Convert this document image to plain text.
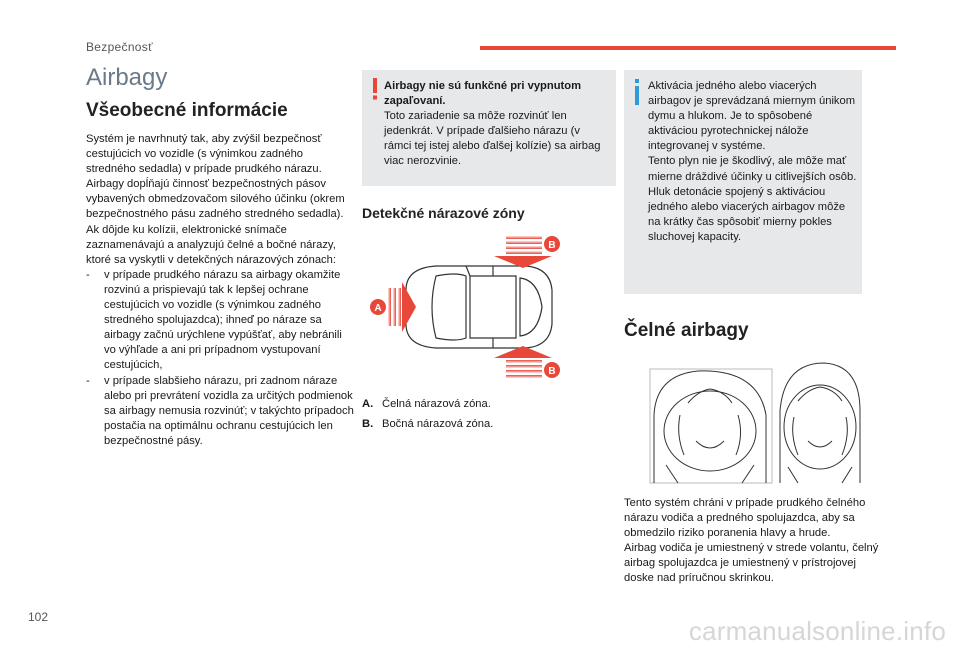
Bezpečnosť
Airbagy
Všeobecné informácie
Systém je navrhnutý tak, aby zvýšil bezpečnosť cestujúcich vo vozidle (s výnimkou zadného stredného sedadla) v prípade prudkého nárazu. Airbagy dopĺňajú činnosť bezpečnostných pásov vybavených obmedzovačom silového účinku (okrem bezpečnostného pásu zadného stredného sedadla).
Ak dôjde ku kolízii, elektronické snímače zaznamenávajú a analyzujú čelné a bočné nárazy, ktoré sa vyskytli v detekčných nárazových zónach:
- v prípade prudkého nárazu sa airbagy okamžite rozvinú a prispievajú tak k lepšej ochrane cestujúcich vo vozidle (s výnimkou zadného stredného spolujazdca); ihneď po náraze sa airbagy začnú urýchlene vypúšťať, aby nebránili vo výhľade a ani pri prípadnom vystupovaní cestujúcich,
- v prípade slabšieho nárazu, pri zadnom náraze alebo pri prevrátení vozidla za určitých podmienok sa airbagy nemusia rozvinúť; v takýchto prípadoch postačia na optimálnu ochranu cestujúcich len bezpečnostné pásy.
Airbagy nie sú funkčné pri vypnutom zapaľovaní.
Toto zariadenie sa môže rozvinúť len jedenkrát. V prípade ďalšieho nárazu (v rámci tej istej alebo ďalšej kolízie) sa airbag viac nerozvinie.
Detekčné nárazové zóny
A
B
B
A. Čelná nárazová zóna.
B. Bočná nárazová zóna.
Aktivácia jedného alebo viacerých airbagov je sprevádzaná miernym únikom dymu a hlukom. Je to spôsobené aktiváciou pyrotechnickej nálože integrovanej v systéme.
Tento plyn nie je škodlivý, ale môže mať mierne dráždivé účinky u citlivejších osôb. Hluk detonácie spojený s aktiváciou jedného alebo viacerých airbagov môže na krátky čas spôsobiť mierny pokles sluchovej kapacity.
Čelné airbagy
Tento systém chráni v prípade prudkého čelného nárazu vodiča a predného spolujazdca, aby sa obmedzilo riziko poranenia hlavy a hrude.
Airbag vodiča je umiestnený v strede volantu, čelný airbag spolujazdca je umiestnený v prístrojovej doske nad príručnou skrinkou.
102	carmanualsonline.info
